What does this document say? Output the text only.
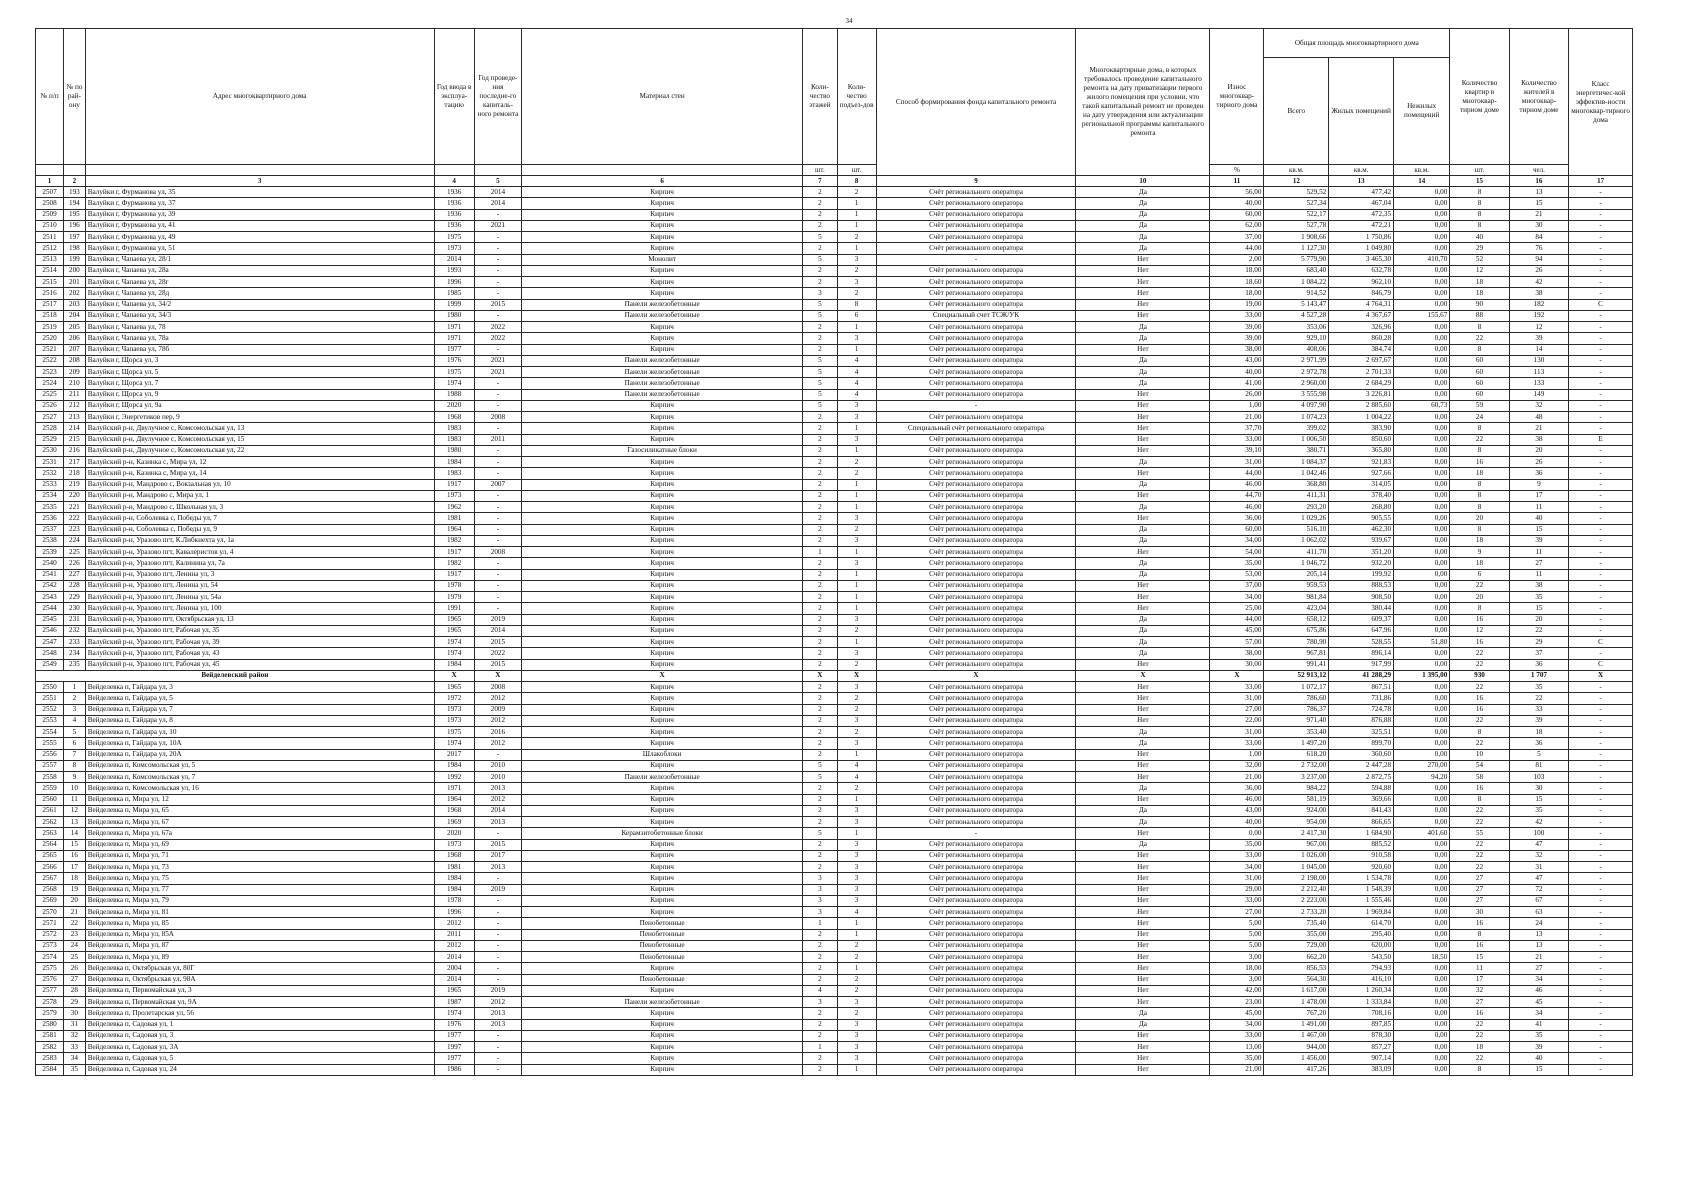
34
№ п/п	№ по рай-ону	Адрес многоквартирного дома	Год ввода в эксплуа-тацию	Год проведе-ния последне-го капиталь-ного ремонта	Материал стен	Коли-чество этажей	Коли-чество подъез-дов	Способ формирования фонда капитального ремонта	Многоквартирные дома, в которых требовалось проведение капитального ремонта на дату приватизации первого жилого помещения при условии, что такой капитальный ремонт не проведен на дату утверждения или актуализации региональной программы капитального ремонта	Износ многоквар-тирного дома	Общая площадь многоквартирного дома			Количество квартир в многоквар-тирном доме	Количество жителей в многоквар-тирном доме	Класс энергетичес-кой эффектив-ности многоквар-тирного дома
											Всего	Жилых помещений	Нежилых помещений			
						шт.	шт.			%	кв.м.	кв.м.	кв.м.	шт.	чел.	
1	2	3	4	5	6	7	8	9	10	11	12	13	14	15	16	17
2507	193	Валуйки г, Фурманова ул, 35	1936	2014	Кирпич	2	2	Счёт регионального оператора	Да	56,00	529,52	477,42	0,00	8	13	-
2508	194	Валуйки г, Фурманова ул, 37	1936	2014	Кирпич	2	1	Счёт регионального оператора	Да	40,00	527,34	467,04	0,00	8	15	-
2509	195	Валуйки г, Фурманова ул, 39	1936	-	Кирпич	2	1	Счёт регионального оператора	Да	60,00	522,17	472,35	0,00	8	21	-
2510	196	Валуйки г, Фурманова ул, 41	1936	2021	Кирпич	2	1	Счёт регионального оператора	Да	62,00	527,78	472,21	0,00	8	30	-
2511	197	Валуйки г, Фурманова ул, 49	1975	-	Кирпич	5	2	Счёт регионального оператора	Да	37,00	1 908,66	1 750,86	0,00	40	84	-
2512	198	Валуйки г, Фурманова ул, 51	1973	-	Кирпич	2	1	Счёт регионального оператора	Да	44,00	1 127,30	1 049,80	0,00	29	76	-
2513	199	Валуйки г, Чапаева ул, 28/1	2014	-	Монолит	5	3	-	Нет	2,00	5 779,90	3 465,30	410,70	52	94	-
2514	200	Валуйки г, Чапаева ул, 28а	1993	-	Кирпич	2	2	Счёт регионального оператора	Нет	18,00	683,40	632,78	0,00	12	26	-
2515	201	Валуйки г, Чапаева ул, 28г	1996	-	Кирпич	2	3	Счёт регионального оператора	Нет	18,60	1 084,22	962,10	0,00	18	42	-
2516	202	Валуйки г, Чапаева ул, 28д	1985	-	Кирпич	3	2	Счёт регионального оператора	Нет	18,00	914,52	846,79	0,00	18	38	-
2517	203	Валуйки г, Чапаева ул, 34/2	1999	2015	Панели железобетонные	5	8	Счёт регионального оператора	Нет	19,00	5 143,47	4 764,31	0,00	90	182	С
2518	204	Валуйки г, Чапаева ул, 34/3	1980	-	Панели железобетонные	5	6	Специальный счет ТСЖ/УК	Нет	33,00	4 527,28	4 367,67	155,67	88	192	-
2519	205	Валуйки г, Чапаева ул, 78	1971	2022	Кирпич	2	1	Счёт регионального оператора	Да	39,00	353,06	326,96	0,00	8	12	-
2520	206	Валуйки г, Чапаева ул, 78а	1971	2022	Кирпич	2	3	Счёт регионального оператора	Да	39,00	929,10	860,28	0,00	22	39	-
2521	207	Валуйки г, Чапаева ул, 78б	1977	-	Кирпич	2	1	Счёт регионального оператора	Нет	38,00	408,06	384,74	0,00	8	14	-
2522	208	Валуйки г, Щорса ул, 3	1976	2021	Панели железобетонные	5	4	Счёт регионального оператора	Да	43,00	2 971,99	2 697,67	0,00	60	130	-
2523	209	Валуйки г, Щорса ул, 5	1975	2021	Панели железобетонные	5	4	Счёт регионального оператора	Да	40,00	2 972,78	2 701,33	0,00	60	113	-
2524	210	Валуйки г, Щорса ул, 7	1974	-	Панели железобетонные	5	4	Счёт регионального оператора	Да	41,00	2 960,00	2 684,29	0,00	60	133	-
2525	211	Валуйки г, Щорса ул, 9	1988	-	Панели железобетонные	5	4	Счёт регионального оператора	Нет	26,00	3 555,98	3 226,81	0,00	60	149	-
2526	212	Валуйки г, Щорса ул, 9а	2020	-	Кирпич	5	3	-	Нет	1,00	4 097,90	2 885,60	60,73	59	32	-
2527	213	Валуйки г, Энергетиков пер, 9	1968	2008	Кирпич	2	3	Счёт регионального оператора	Нет	21,00	1 074,23	1 004,22	0,00	24	48	-
2528	214	Валуйский р-н, Двулучное с, Комсомольская ул, 13	1983	-	Кирпич	2	1	Специальный счёт регионального оператора	Нет	37,70	399,02	383,90	0,00	8	21	-
2529	215	Валуйский р-н, Двулучное с, Комсомольская ул, 15	1983	2011	Кирпич	2	3	Счёт регионального оператора	Нет	33,00	1 006,50	850,60	0,00	22	38	Е
2530	216	Валуйский р-н, Двулучное с, Комсомольская ул, 22	1980	-	Газосиликатные блоки	2	1	Счёт регионального оператора	Нет	39,10	380,71	365,80	0,00	8	20	-
2531	217	Валуйский р-н, Казинка с, Мира ул, 12	1984	-	Кирпич	2	2	Счёт регионального оператора	Да	31,00	1 084,37	921,83	0,00	16	26	-
2532	218	Валуйский р-н, Казинка с, Мира ул, 14	1983	-	Кирпич	2	2	Счёт регионального оператора	Нет	44,00	1 042,46	927,66	0,00	18	36	-
2533	219	Валуйский р-н, Мандрово с, Вокзальная ул, 10	1917	2007	Кирпич	2	1	Счёт регионального оператора	Да	46,00	368,80	314,05	0,00	8	9	-
2534	220	Валуйский р-н, Мандрово с, Мира ул, 1	1973	-	Кирпич	2	1	Счёт регионального оператора	Нет	44,70	411,31	378,40	0,00	8	17	-
2535	221	Валуйский р-н, Мандрово с, Школьная ул, 3	1962	-	Кирпич	2	1	Счёт регионального оператора	Да	46,00	293,20	268,80	0,00	8	11	-
2536	222	Валуйский р-н, Соболевка с, Победы ул, 7	1981	-	Кирпич	2	3	Счёт регионального оператора	Нет	36,00	1 029,26	905,55	0,00	20	40	-
2537	223	Валуйский р-н, Соболевка с, Победы ул, 9	1964	-	Кирпич	2	2	Счёт регионального оператора	Да	60,00	516,10	462,30	0,00	8	15	-
2538	224	Валуйский р-н, Уразово пгт, К.Либкнехта ул, 1а	1982	-	Кирпич	2	3	Счёт регионального оператора	Да	34,00	1 062,02	939,67	0,00	18	39	-
2539	225	Валуйский р-н, Уразово пгт, Кавалеристов ул, 4	1917	2008	Кирпич	1	1	Счёт регионального оператора	Нет	54,00	411,70	351,20	0,00	9	11	-
2540	226	Валуйский р-н, Уразово пгт, Калинина ул, 7а	1982	-	Кирпич	2	3	Счёт регионального оператора	Да	35,00	1 046,72	932,20	0,00	18	27	-
2541	227	Валуйский р-н, Уразово пгт, Ленина ул, 3	1917	-	Кирпич	2	1	Счёт регионального оператора	Да	53,00	205,14	199,92	0,00	6	11	-
2542	228	Валуйский р-н, Уразово пгт, Ленина ул, 54	1978	-	Кирпич	2	1	Счёт регионального оператора	Нет	37,00	959,53	888,53	0,00	22	38	-
2543	229	Валуйский р-н, Уразово пгт, Ленина ул, 54а	1979	-	Кирпич	2	1	Счёт регионального оператора	Нет	34,00	981,84	908,50	0,00	20	35	-
2544	230	Валуйский р-н, Уразово пгт, Ленина ул, 100	1991	-	Кирпич	2	1	Счёт регионального оператора	Нет	25,00	423,04	380,44	0,00	8	15	-
2545	231	Валуйский р-н, Уразово пгт, Октябрьская ул, 13	1965	2019	Кирпич	2	3	Счёт регионального оператора	Да	44,00	658,12	609,37	0,00	16	20	-
2546	232	Валуйский р-н, Уразово пгт, Рабочая ул, 35	1965	2014	Кирпич	2	2	Счёт регионального оператора	Да	45,00	675,86	647,96	0,00	12	22	-
2547	233	Валуйский р-н, Уразово пгт, Рабочая ул, 39	1974	2015	Кирпич	2	1	Счёт регионального оператора	Да	57,00	780,90	528,55	51,80	16	29	С
2548	234	Валуйский р-н, Уразово пгт, Рабочая ул, 43	1974	2022	Кирпич	2	3	Счёт регионального оператора	Да	38,00	967,81	896,14	0,00	22	37	-
2549	235	Валуйский р-н, Уразово пгт, Рабочая ул, 45	1984	2015	Кирпич	2	2	Счёт регионального оператора	Нет	30,00	991,41	917,99	0,00	22	36	С
Вейделевский район			X	X	X	X	X	X	X	X	52 913,12	41 288,29	1 395,00	930	1 707	X
2550	1	Вейделевка п, Гайдара ул, 3	1965	2008	Кирпич	2	3	Счёт регионального оператора	Нет	33,00	1 072,17	867,51	0,00	22	35	-
2551	2	Вейделевка п, Гайдара ул, 5	1972	2012	Кирпич	2	2	Счёт регионального оператора	Нет	31,00	786,60	731,86	0,00	16	22	-
2552	3	Вейделевка п, Гайдара ул, 7	1973	2009	Кирпич	2	2	Счёт регионального оператора	Нет	27,00	786,37	724,78	0,00	16	33	-
2553	4	Вейделевка п, Гайдара ул, 8	1973	2012	Кирпич	2	3	Счёт регионального оператора	Нет	22,00	971,40	876,88	0,00	22	39	-
2554	5	Вейделевка п, Гайдара ул, 10	1975	2016	Кирпич	2	2	Счёт регионального оператора	Да	31,00	353,40	325,51	0,00	8	18	-
2555	6	Вейделевка п, Гайдара ул, 10А	1974	2012	Кирпич	2	3	Счёт регионального оператора	Да	33,00	1 497,20	899,70	0,00	22	36	-
2556	7	Вейделевка п, Гайдара ул, 20А	2017	-	Шлакоблоки	2	1	Счёт регионального оператора	Нет	1,00	618,20	360,60	0,00	10	5	-
2557	8	Вейделевка п, Комсомольская ул, 5	1984	2010	Кирпич	5	4	Счёт регионального оператора	Нет	32,00	2 732,00	2 447,28	270,00	54	81	-
2558	9	Вейделевка п, Комсомольская ул, 7	1992	2010	Панели железобетонные	5	4	Счёт регионального оператора	Нет	21,00	3 237,00	2 872,75	94,20	58	103	-
2559	10	Вейделевка п, Комсомольская ул, 16	1971	2013	Кирпич	2	2	Счёт регионального оператора	Да	36,00	984,22	594,88	0,00	16	30	-
2560	11	Вейделевка п, Мира ул, 12	1964	2012	Кирпич	2	1	Счёт регионального оператора	Нет	46,00	581,19	369,66	0,00	8	15	-
2561	12	Вейделевка п, Мира ул, 65	1968	2014	Кирпич	2	3	Счёт регионального оператора	Да	43,00	924,00	841,43	0,00	22	35	-
2562	13	Вейделевка п, Мира ул, 67	1969	2013	Кирпич	2	3	Счёт регионального оператора	Да	40,00	954,00	866,65	0,00	22	42	-
2563	14	Вейделевка п, Мира ул, 67а	2020	-	Керамзитобетонные блоки	5	1	-	Нет	0,00	2 417,30	1 684,90	401,60	55	100	-
2564	15	Вейделевка п, Мира ул, 69	1973	2015	Кирпич	2	3	Счёт регионального оператора	Да	35,00	967,00	885,52	0,00	22	47	-
2565	16	Вейделевка п, Мира ул, 71	1968	2017	Кирпич	2	3	Счёт регионального оператора	Нет	33,00	1 026,00	910,58	0,00	22	32	-
2566	17	Вейделевка п, Мира ул, 73	1981	2013	Кирпич	2	3	Счёт регионального оператора	Нет	34,00	1 045,00	920,60	0,00	22	31	-
2567	18	Вейделевка п, Мира ул, 75	1984	-	Кирпич	3	3	Счёт регионального оператора	Нет	31,00	2 198,00	1 534,78	0,00	27	47	-
2568	19	Вейделевка п, Мира ул, 77	1984	2019	Кирпич	3	3	Счёт регионального оператора	Нет	29,00	2 212,40	1 548,39	0,00	27	72	-
2569	20	Вейделевка п, Мира ул, 79	1978	-	Кирпич	3	3	Счёт регионального оператора	Нет	33,00	2 223,00	1 555,46	0,00	27	67	-
2570	21	Вейделевка п, Мира ул, 81	1996	-	Кирпич	3	4	Счёт регионального оператора	Нет	27,00	2 733,20	1 969,84	0,00	30	63	-
2571	22	Вейделевка п, Мира ул, 85	2012	-	Пенобетонные	1	1	Счёт регионального оператора	Нет	5,00	735,40	614,70	0,00	16	24	-
2572	23	Вейделевка п, Мира ул, 85А	2011	-	Пенобетонные	2	1	Счёт регионального оператора	Нет	5,00	355,00	295,40	0,00	8	13	-
2573	24	Вейделевка п, Мира ул, 87	2012	-	Пенобетонные	2	2	Счёт регионального оператора	Нет	5,00	729,00	620,00	0,00	16	13	-
2574	25	Вейделевка п, Мира ул, 89	2014	-	Пенобетонные	2	2	Счёт регионального оператора	Нет	3,00	662,20	543,50	18,50	15	21	-
2575	26	Вейделевка п, Октябрьская ул, 80Г	2004	-	Кирпич	2	1	Счёт регионального оператора	Нет	18,00	856,53	794,93	0,00	11	27	-
2576	27	Вейделевка п, Октябрьская ул, 98А	2014	-	Пенобетонные	2	2	Счёт регионального оператора	Нет	3,00	564,30	416,10	0,00	17	34	-
2577	28	Вейделевка п, Первомайская ул, 3	1965	2019	Кирпич	4	2	Счёт регионального оператора	Нет	42,00	1 617,00	1 260,34	0,00	32	46	-
2578	29	Вейделевка п, Первомайская ул, 9А	1987	2012	Панели железобетонные	3	3	Счёт регионального оператора	Нет	23,00	1 478,00	1 333,84	0,00	27	45	-
2579	30	Вейделевка п, Пролетарская ул, 56	1974	2013	Кирпич	2	2	Счёт регионального оператора	Да	45,00	767,20	708,16	0,00	16	34	-
2580	31	Вейделевка п, Садовая ул, 1	1976	2013	Кирпич	2	3	Счёт регионального оператора	Да	34,00	1 491,00	897,85	0,00	22	41	-
2581	32	Вейделевка п, Садовая ул, 3	1977	-	Кирпич	2	3	Счёт регионального оператора	Нет	33,00	1 467,00	878,30	0,00	22	35	-
2582	33	Вейделевка п, Садовая ул, 3А	1997	-	Кирпич	1	3	Счёт регионального оператора	Нет	13,00	944,00	857,27	0,00	18	39	-
2583	34	Вейделевка п, Садовая ул, 5	1977	-	Кирпич	2	3	Счёт регионального оператора	Нет	35,00	1 456,00	907,14	0,00	22	40	-
2584	35	Вейделевка п, Садовая ул, 24	1986	-	Кирпич	2	1	Счёт регионального оператора	Нет	21,00	417,26	383,09	0,00	8	15	-
